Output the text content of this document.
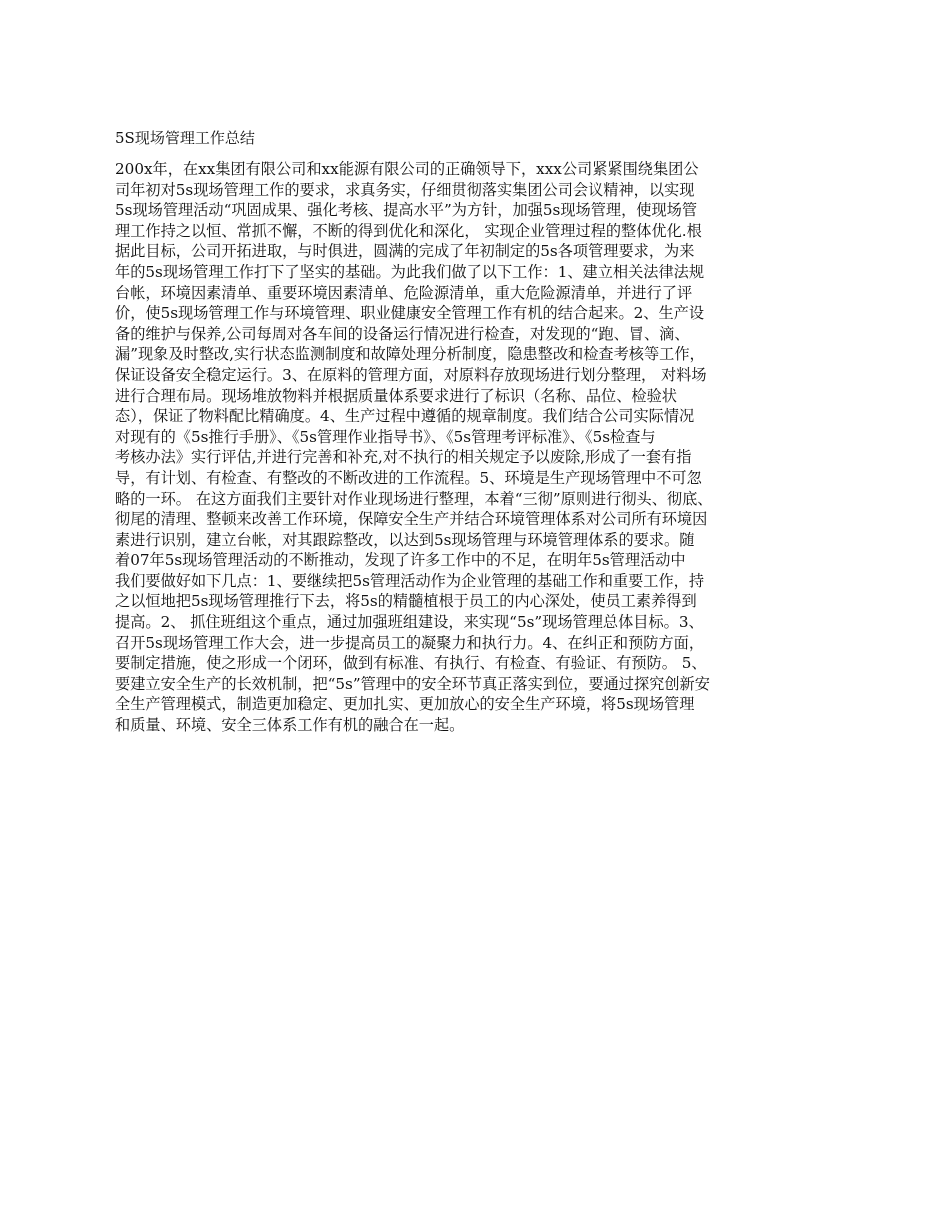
5S现场管理工作总结
200x年，在xx集团有限公司和xx能源有限公司的正确领导下，xxx公司紧紧围绕集团公
司年初对5s现场管理工作的要求，求真务实，仔细贯彻落实集团公司会议精神，以实现
5s现场管理活动“巩固成果、强化考核、提高水平”为方针，加强5s现场管理，使现场管
理工作持之以恒、常抓不懈，不断的得到优化和深化， 实现企业管理过程的整体优化.根
据此目标，公司开拓进取，与时俱进，圆满的完成了年初制定的5s各项管理要求，为来
年的5s现场管理工作打下了坚实的基础。为此我们做了以下工作：1、建立相关法律法规
台帐，环境因素清单、重要环境因素清单、危险源清单，重大危险源清单，并进行了评
价，使5s现场管理工作与环境管理、职业健康安全管理工作有机的结合起来。2、生产设
备的维护与保养,公司每周对各车间的设备运行情况进行检查，对发现的“跑、冒、滴、
漏”现象及时整改,实行状态监测制度和故障处理分析制度，隐患整改和检查考核等工作，
保证设备安全稳定运行。3、在原料的管理方面，对原料存放现场进行划分整理， 对料场
进行合理布局。现场堆放物料并根据质量体系要求进行了标识（名称、品位、检验状
态），保证了物料配比精确度。4、生产过程中遵循的规章制度。我们结合公司实际情况
对现有的《5s推行手册》、《5s管理作业指导书》、《5s管理考评标准》、《5s检查与
考核办法》实行评估,并进行完善和补充,对不执行的相关规定予以废除,形成了一套有指
导，有计划、有检查、有整改的不断改进的工作流程。5、环境是生产现场管理中不可忽
略的一环。 在这方面我们主要针对作业现场进行整理，本着“三彻”原则进行彻头、彻底、
彻尾的清理、整顿来改善工作环境，保障安全生产并结合环境管理体系对公司所有环境因
素进行识别，建立台帐，对其跟踪整改，以达到5s现场管理与环境管理体系的要求。随
着07年5s现场管理活动的不断推动，发现了许多工作中的不足，在明年5s管理活动中
我们要做好如下几点：1、要继续把5s管理活动作为企业管理的基础工作和重要工作，持
之以恒地把5s现场管理推行下去，将5s的精髓植根于员工的内心深处，使员工素养得到
提高。2、 抓住班组这个重点，通过加强班组建设，来实现“5s”现场管理总体目标。3、
召开5s现场管理工作大会，进一步提高员工的凝聚力和执行力。4、在纠正和预防方面，
要制定措施，使之形成一个闭环，做到有标准、有执行、有检查、有验证、有预防。 5、
要建立安全生产的长效机制，把“5s”管理中的安全环节真正落实到位，要通过探究创新安
全生产管理模式，制造更加稳定、更加扎实、更加放心的安全生产环境，将5s现场管理
和质量、环境、安全三体系工作有机的融合在一起。
